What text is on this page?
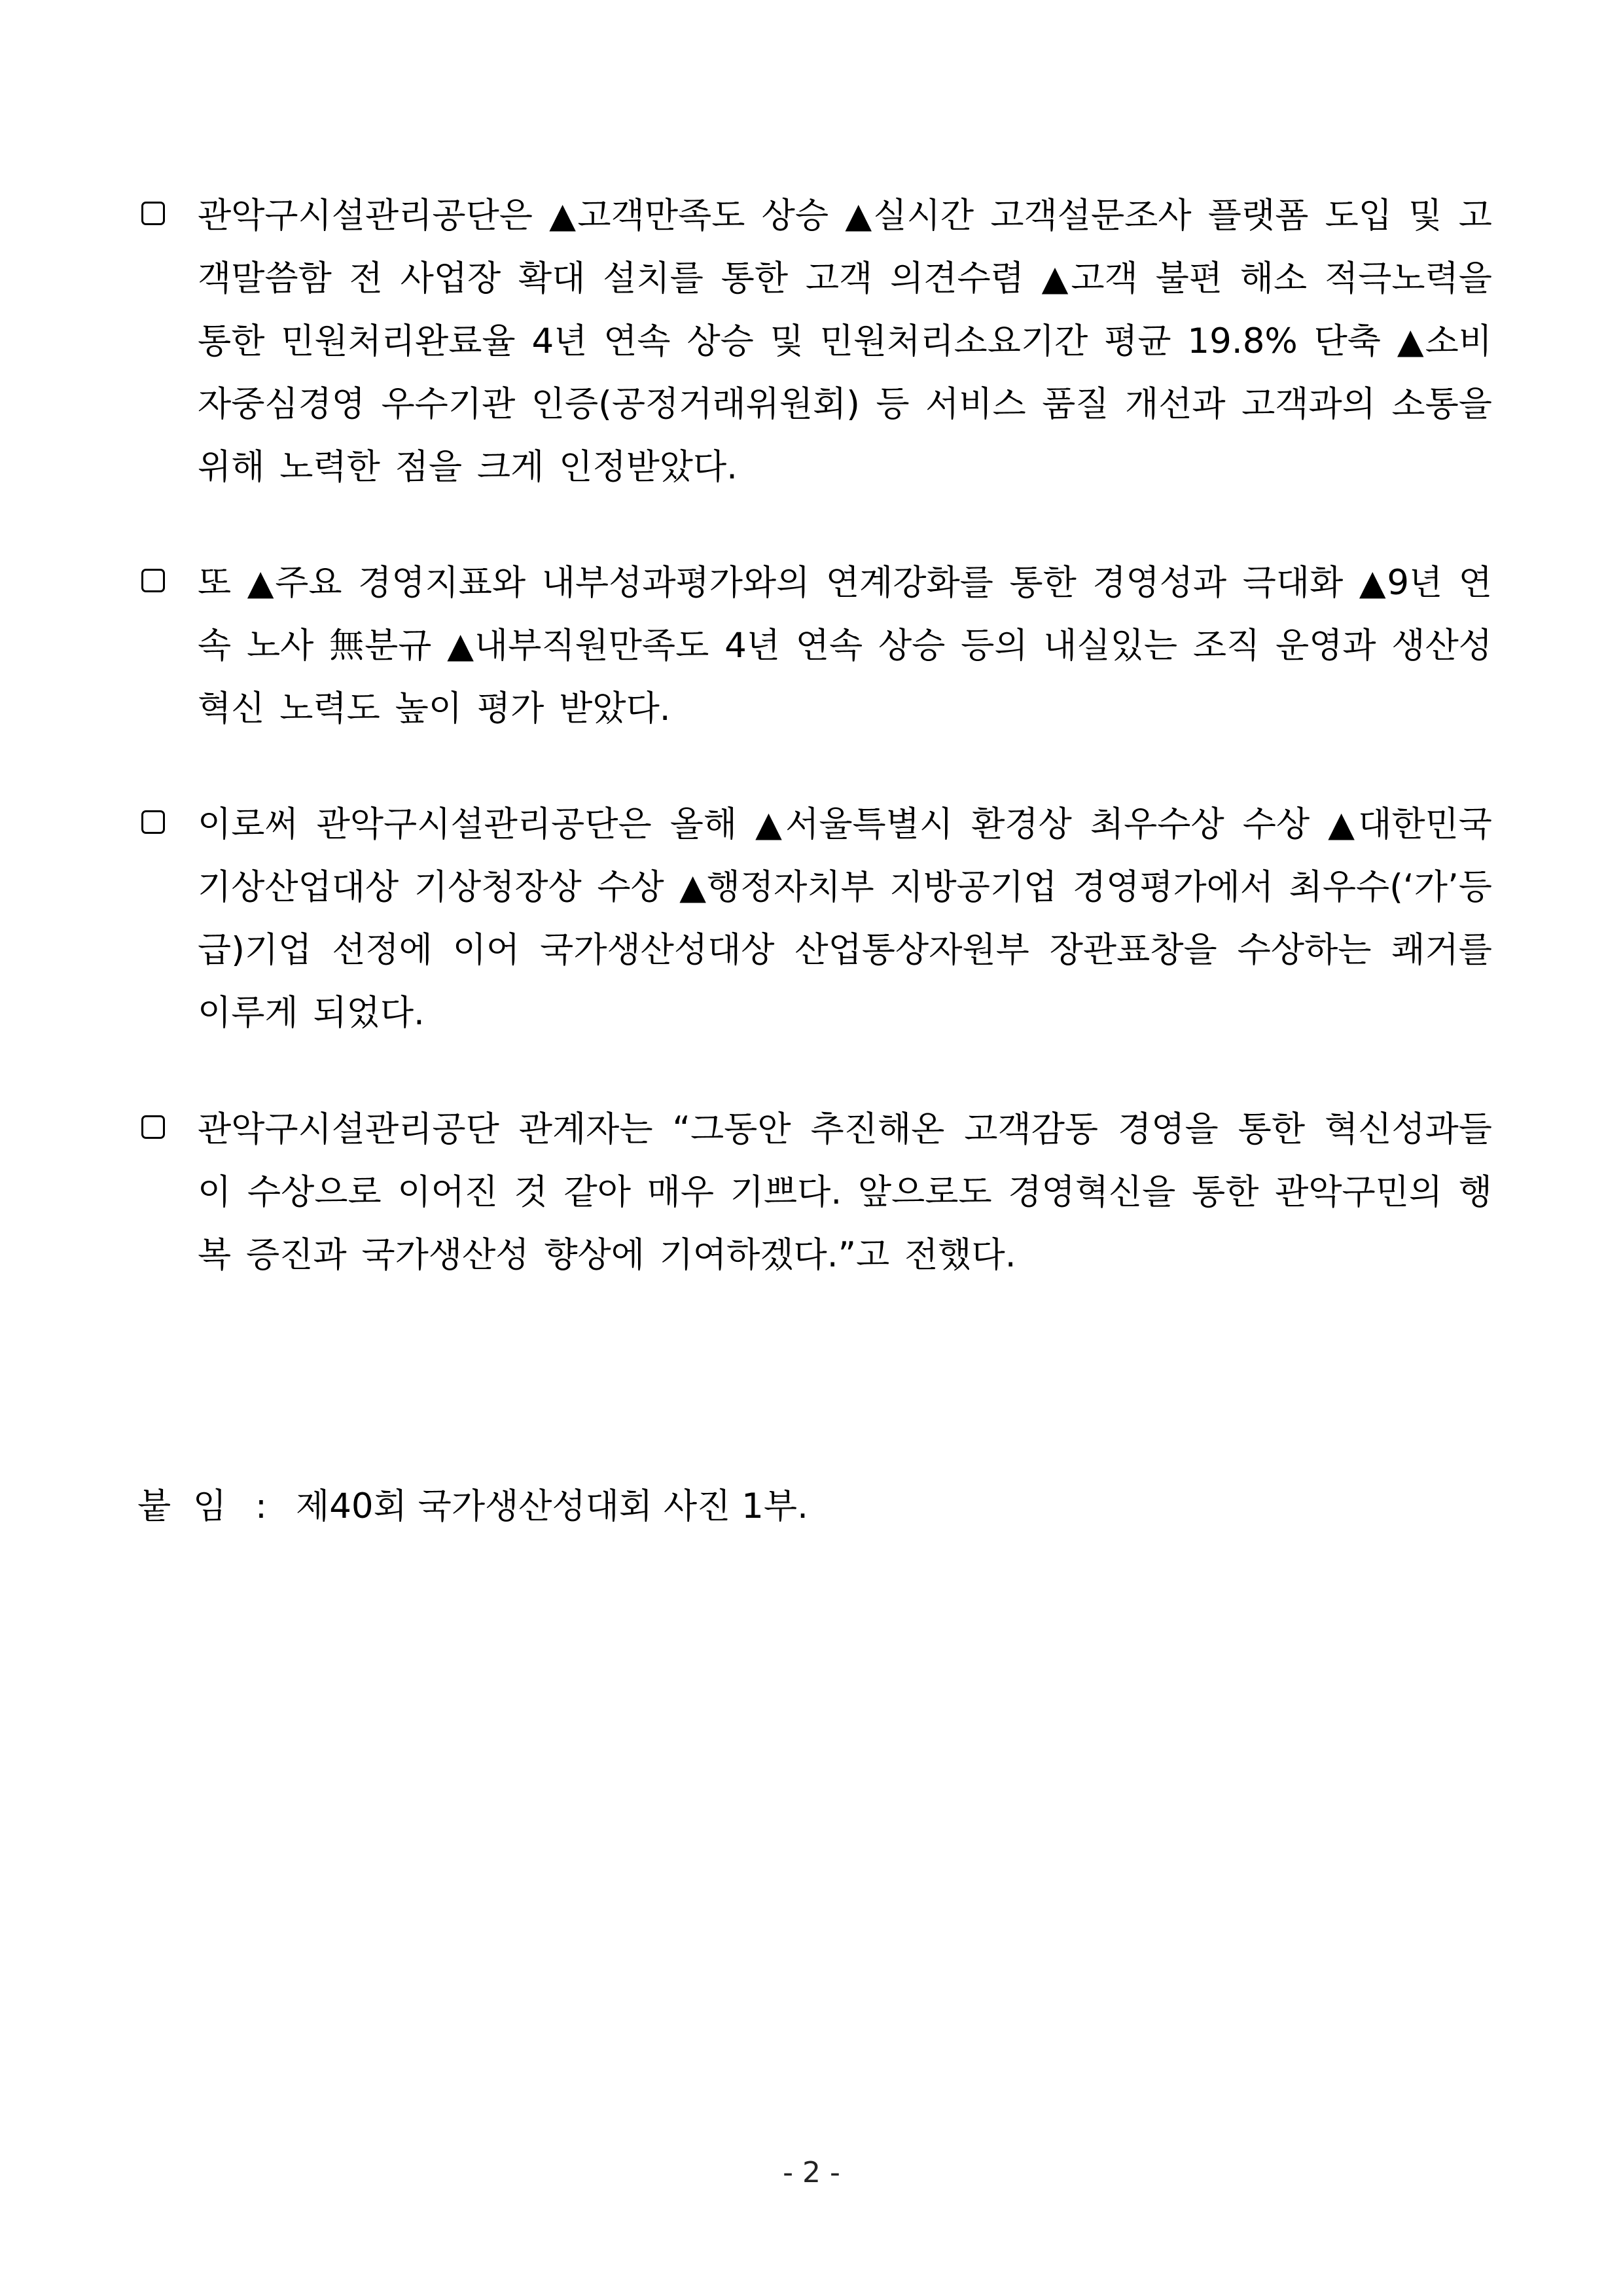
관악구시설관리공단은 ▲고객만족도 상승 ▲실시간 고객설문조사 플랫폼 도입 및 고객말씀함 전 사업장 확대 설치를 통한 고객 의견수렴 ▲고객 불편 해소 적극노력을 통한 민원처리완료율 4년 연속 상승 및 민원처리소요기간 평균 19.8% 단축 ▲소비자중심경영 우수기관 인증(공정거래위원회) 등 서비스 품질 개선과 고객과의 소통을 위해 노력한 점을 크게 인정받았다.
또 ▲주요 경영지표와 내부성과평가와의 연계강화를 통한 경영성과 극대화 ▲9년 연속 노사 無분규 ▲내부직원만족도 4년 연속 상승 등의 내실있는 조직 운영과 생산성 혁신 노력도 높이 평가 받았다.
이로써 관악구시설관리공단은 올해 ▲서울특별시 환경상 최우수상 수상 ▲대한민국 기상산업대상 기상청장상 수상 ▲행정자치부 지방공기업 경영평가에서 최우수(‘가’등급)기업 선정에 이어 국가생산성대상 산업통상자원부 장관표창을 수상하는 쾌거를 이루게 되었다.
관악구시설관리공단 관계자는 “그동안 추진해온 고객감동 경영을 통한 혁신성과들이 수상으로 이어진 것 같아 매우 기쁘다. 앞으로도 경영혁신을 통한 관악구민의 행복 증진과 국가생산성 향상에 기여하겠다.”고 전했다.
붙  임 : 제40회 국가생산성대회 사진 1부.
- 2 -
